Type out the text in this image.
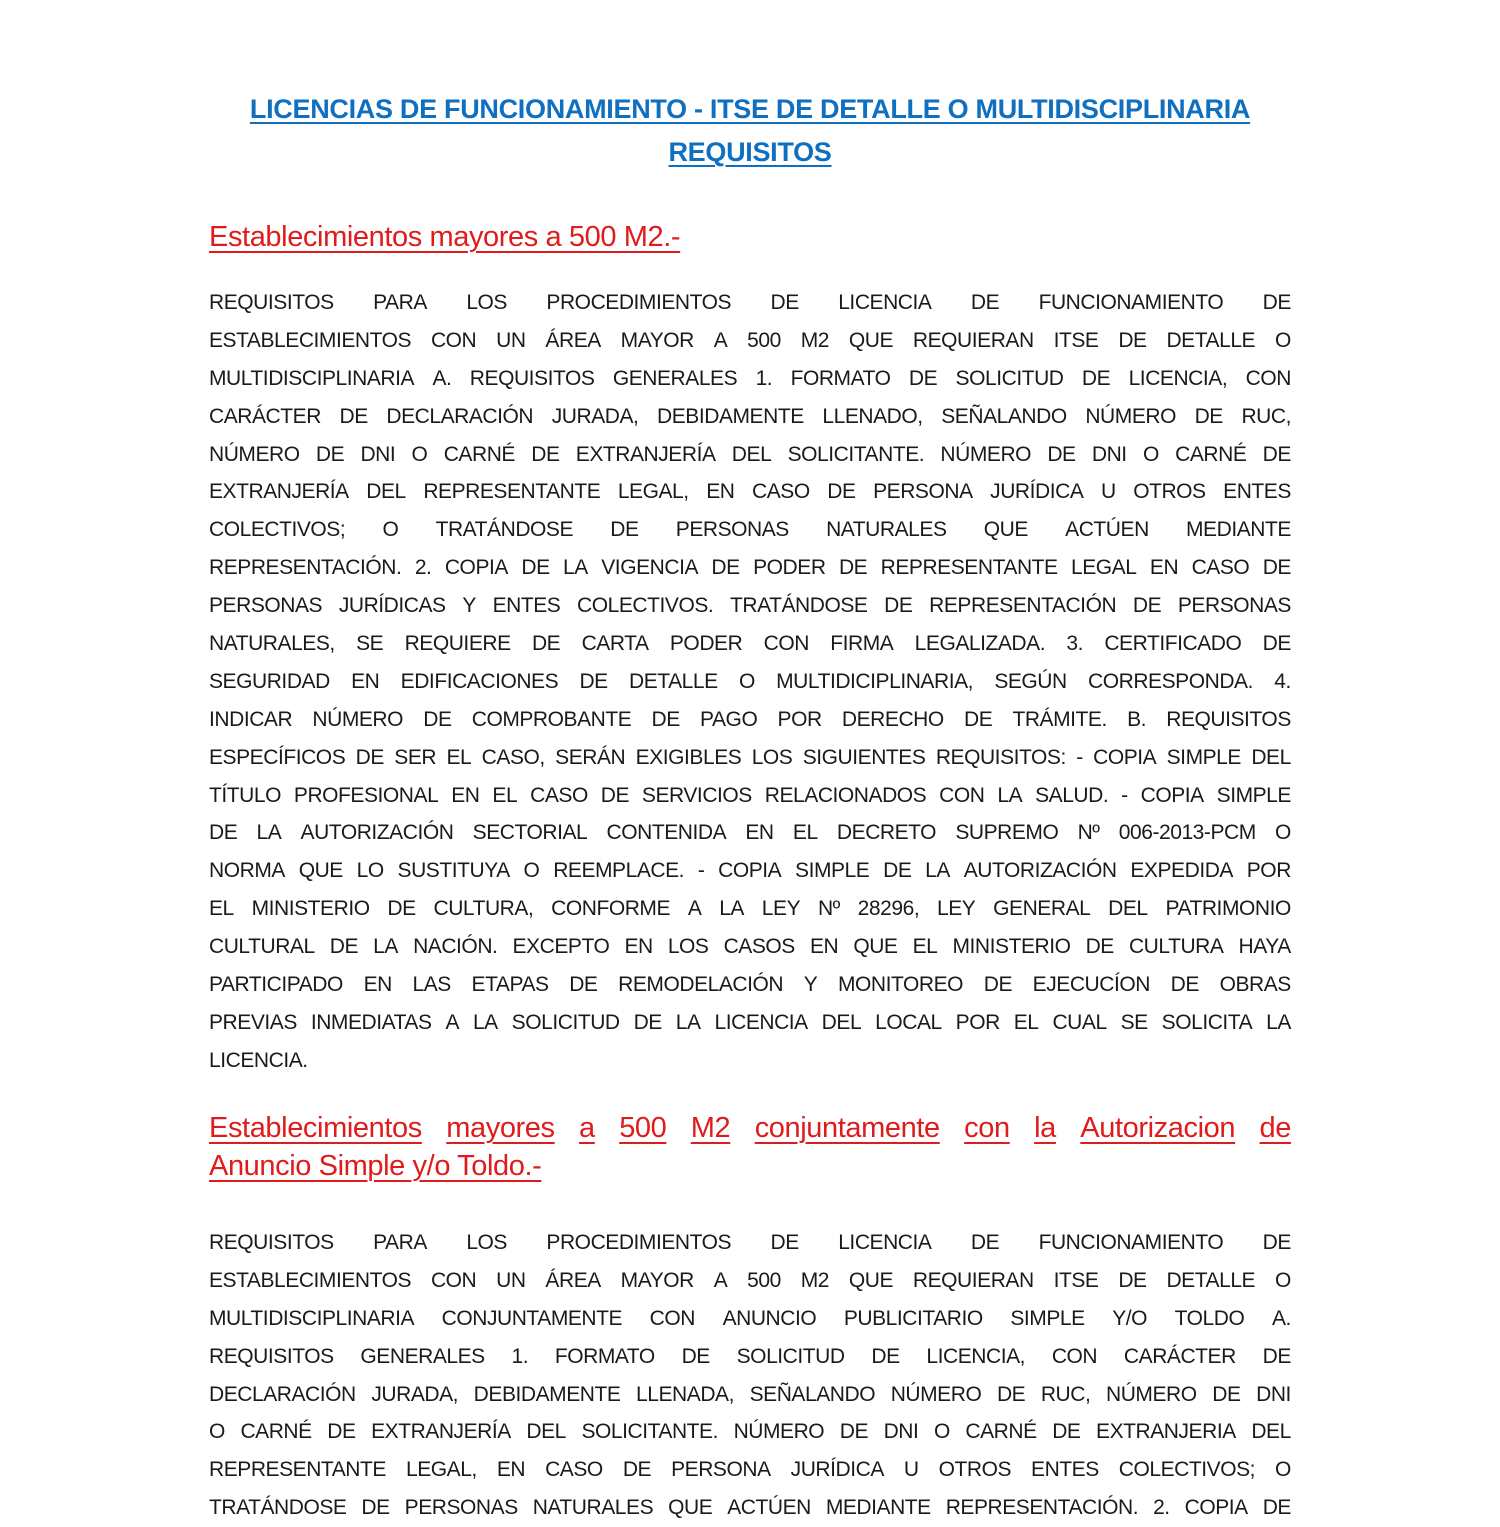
LICENCIAS DE FUNCIONAMIENTO - ITSE DE DETALLE O MULTIDISCIPLINARIA
REQUISITOS
Establecimientos mayores a 500 M2.-
REQUISITOS PARA LOS PROCEDIMIENTOS DE LICENCIA DE FUNCIONAMIENTO DE
ESTABLECIMIENTOS CON UN ÁREA MAYOR A 500 M2 QUE REQUIERAN ITSE DE DETALLE O
MULTIDISCIPLINARIA A. REQUISITOS GENERALES 1. FORMATO DE SOLICITUD DE LICENCIA, CON
CARÁCTER DE DECLARACIÓN JURADA, DEBIDAMENTE LLENADO, SEÑALANDO NÚMERO DE RUC,
NÚMERO DE DNI O CARNÉ DE EXTRANJERÍA DEL SOLICITANTE. NÚMERO DE DNI O CARNÉ DE
EXTRANJERÍA DEL REPRESENTANTE LEGAL, EN CASO DE PERSONA JURÍDICA U OTROS ENTES
COLECTIVOS; O TRATÁNDOSE DE PERSONAS NATURALES QUE ACTÚEN MEDIANTE
REPRESENTACIÓN. 2. COPIA DE LA VIGENCIA DE PODER DE REPRESENTANTE LEGAL EN CASO DE
PERSONAS JURÍDICAS Y ENTES COLECTIVOS. TRATÁNDOSE DE REPRESENTACIÓN DE PERSONAS
NATURALES, SE REQUIERE DE CARTA PODER CON FIRMA LEGALIZADA. 3. CERTIFICADO DE
SEGURIDAD EN EDIFICACIONES DE DETALLE O MULTIDICIPLINARIA, SEGÚN CORRESPONDA. 4.
INDICAR NÚMERO DE COMPROBANTE DE PAGO POR DERECHO DE TRÁMITE. B. REQUISITOS
ESPECÍFICOS DE SER EL CASO, SERÁN EXIGIBLES LOS SIGUIENTES REQUISITOS: - COPIA SIMPLE DEL
TÍTULO PROFESIONAL EN EL CASO DE SERVICIOS RELACIONADOS CON LA SALUD. - COPIA SIMPLE
DE LA AUTORIZACIÓN SECTORIAL CONTENIDA EN EL DECRETO SUPREMO Nº 006-2013-PCM O
NORMA QUE LO SUSTITUYA O REEMPLACE. - COPIA SIMPLE DE LA AUTORIZACIÓN EXPEDIDA POR
EL MINISTERIO DE CULTURA, CONFORME A LA LEY Nº 28296, LEY GENERAL DEL PATRIMONIO
CULTURAL DE LA NACIÓN. EXCEPTO EN LOS CASOS EN QUE EL MINISTERIO DE CULTURA HAYA
PARTICIPADO EN LAS ETAPAS DE REMODELACIÓN Y MONITOREO DE EJECUCÍON DE OBRAS
PREVIAS INMEDIATAS A LA SOLICITUD DE LA LICENCIA DEL LOCAL POR EL CUAL SE SOLICITA LA
LICENCIA.
Establecimientos mayores a 500 M2 conjuntamente con la Autorizacion de
Anuncio Simple y/o Toldo.-
REQUISITOS PARA LOS PROCEDIMIENTOS DE LICENCIA DE FUNCIONAMIENTO DE
ESTABLECIMIENTOS CON UN ÁREA MAYOR A 500 M2 QUE REQUIERAN ITSE DE DETALLE O
MULTIDISCIPLINARIA CONJUNTAMENTE CON ANUNCIO PUBLICITARIO SIMPLE Y/O TOLDO A.
REQUISITOS GENERALES 1. FORMATO DE SOLICITUD DE LICENCIA, CON CARÁCTER DE
DECLARACIÓN JURADA, DEBIDAMENTE LLENADA, SEÑALANDO NÚMERO DE RUC, NÚMERO DE DNI
O CARNÉ DE EXTRANJERÍA DEL SOLICITANTE. NÚMERO DE DNI O CARNÉ DE EXTRANJERIA DEL
REPRESENTANTE LEGAL, EN CASO DE PERSONA JURÍDICA U OTROS ENTES COLECTIVOS; O
TRATÁNDOSE DE PERSONAS NATURALES QUE ACTÚEN MEDIANTE REPRESENTACIÓN. 2. COPIA DE
